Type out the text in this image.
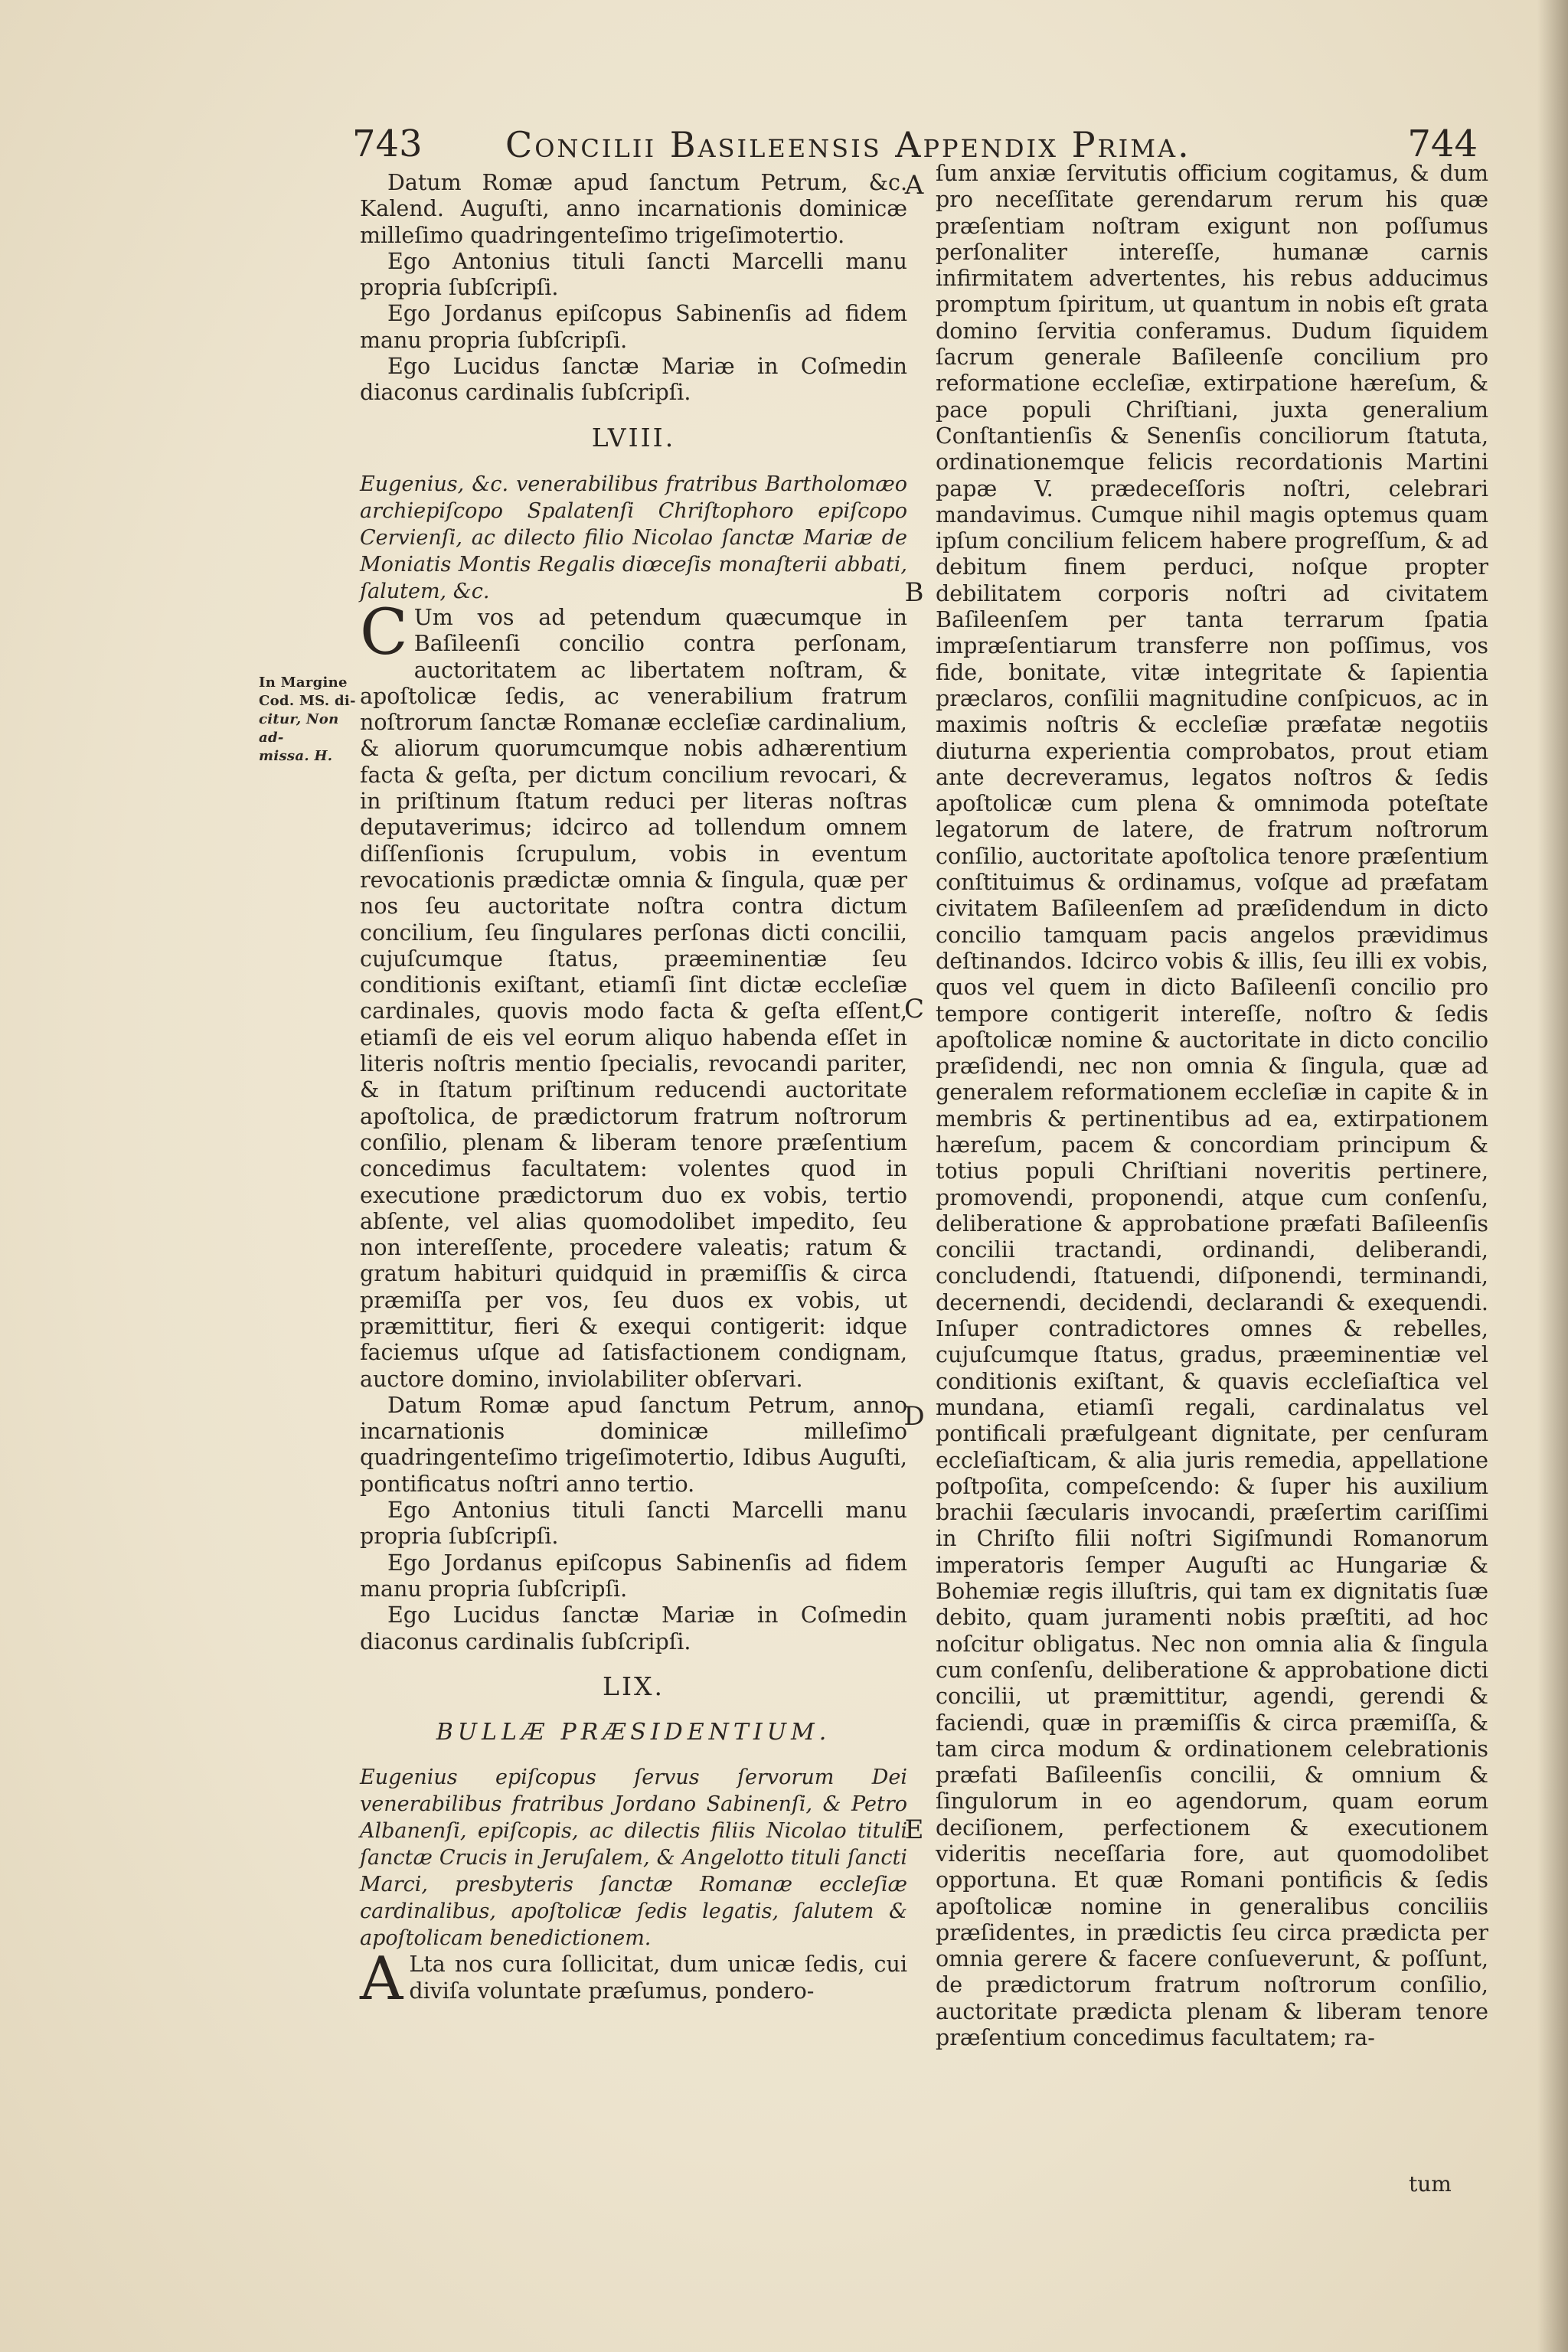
743 Concilii Basileensis Appendix Prima.	744
In Margine
Cod. MS. di-
citur, Non ad-
missa. H.
A
B
C
D
E

Datum Romæ apud ſanctum Petrum, &c. Kalend. Auguſti, anno incarnationis dominicæ milleſimo quadringenteſimo trigeſimotertio.

Ego Antonius tituli ſancti Marcelli manu propria ſubſcripſi.

Ego Jordanus epiſcopus Sabinenſis ad fidem manu propria ſubſcripſi.

Ego Lucidus ſanctæ Mariæ in Coſmedin diaconus cardinalis ſubſcripſi.

LVIII.

Eugenius, &c. venerabilibus fratribus Bartholomæo archiepiſcopo Spalatenſi Chriſtophoro epiſcopo Cervienſi, ac dilecto filio Nicolao ſanctæ Mariæ de Moniatis Montis Regalis diœceſis monaſterii abbati, ſalutem, &c.

C Um vos ad petendum quæcumque in Baſileenſi concilio contra perſonam, auctoritatem ac libertatem noſtram, & apoſtolicæ ſedis, ac venerabilium fratrum noſtrorum ſanctæ Romanæ eccleſiæ cardinalium, & aliorum quorumcumque nobis adhærentium facta & geſta, per dictum concilium revocari, & in priſtinum ſtatum reduci per literas noſtras deputaverimus; idcirco ad tollendum omnem diſſenſionis ſcrupulum, vobis in eventum revocationis prædictæ omnia & ſingula, quæ per nos ſeu auctoritate noſtra contra dictum concilium, ſeu ſingulares perſonas dicti concilii, cujuſcumque ſtatus, præeminentiæ ſeu conditionis exiſtant, etiamſi ſint dictæ eccleſiæ cardinales, quovis modo facta & geſta eſſent, etiamſi de eis vel eorum aliquo habenda eſſet in literis noſtris mentio ſpecialis, revocandi pariter, & in ſtatum priſtinum reducendi auctoritate apoſtolica, de prædictorum fratrum noſtrorum conſilio, plenam & liberam tenore præſentium concedimus facultatem: volentes quod in executione prædictorum duo ex vobis, tertio abſente, vel alias quomodolibet impedito, ſeu non intereſſente, procedere valeatis; ratum & gratum habituri quidquid in præmiſſis & circa præmiſſa per vos, ſeu duos ex vobis, ut præmittitur, fieri & exequi contigerit: idque faciemus uſque ad ſatisfactionem condignam, auctore domino, inviolabiliter obſervari.

Datum Romæ apud ſanctum Petrum, anno incarnationis dominicæ milleſimo quadringenteſimo trigeſimotertio, Idibus Auguſti, pontificatus noſtri anno tertio.

Ego Antonius tituli ſancti Marcelli manu propria ſubſcripſi.

Ego Jordanus epiſcopus Sabinenſis ad fidem manu propria ſubſcripſi.

Ego Lucidus ſanctæ Mariæ in Coſmedin diaconus cardinalis ſubſcripſi.

LIX.
BULLÆ PRÆSIDENTIUM.

Eugenius epiſcopus ſervus ſervorum Dei venerabilibus fratribus Jordano Sabinenſi, & Petro Albanenſi, epiſcopis, ac dilectis filiis Nicolao tituli ſanctæ Crucis in Jeruſalem, & Angelotto tituli ſancti Marci, presbyteris ſanctæ Romanæ eccleſiæ cardinalibus, apoſtolicæ ſedis legatis, ſalutem & apoſtolicam benedictionem.

A Lta nos cura ſollicitat, dum unicæ ſedis, cui diviſa voluntate præſumus, pondero-

ſum anxiæ ſervitutis officium cogitamus, & dum pro neceſſitate gerendarum rerum his quæ præſentiam noſtram exigunt non poſſumus perſonaliter intereſſe, humanæ carnis infirmitatem advertentes, his rebus adducimus promptum ſpiritum, ut quantum in nobis eſt grata domino ſervitia conferamus. Dudum ſiquidem ſacrum generale Baſileenſe concilium pro reformatione eccleſiæ, extirpatione hæreſum, & pace populi Chriſtiani, juxta generalium Conſtantienſis & Senenſis conciliorum ſtatuta, ordinationemque felicis recordationis Martini papæ V. prædeceſſoris noſtri, celebrari mandavimus. Cumque nihil magis optemus quam ipſum concilium felicem habere progreſſum, & ad debitum finem perduci, noſque propter debilitatem corporis noſtri ad civitatem Baſileenſem per tanta terrarum ſpatia impræſentiarum transferre non poſſimus, vos fide, bonitate, vitæ integritate & ſapientia præclaros, conſilii magnitudine conſpicuos, ac in maximis noſtris & eccleſiæ præfatæ negotiis diuturna experientia comprobatos, prout etiam ante decreveramus, legatos noſtros & ſedis apoſtolicæ cum plena & omnimoda poteſtate legatorum de latere, de fratrum noſtrorum conſilio, auctoritate apoſtolica tenore præſentium conſtituimus & ordinamus, voſque ad præfatam civitatem Baſileenſem ad præſidendum in dicto concilio tamquam pacis angelos prævidimus deſtinandos. Idcirco vobis & illis, ſeu illi ex vobis, quos vel quem in dicto Baſileenſi concilio pro tempore contigerit intereſſe, noſtro & ſedis apoſtolicæ nomine & auctoritate in dicto concilio præſidendi, nec non omnia & ſingula, quæ ad generalem reformationem eccleſiæ in capite & in membris & pertinentibus ad ea, extirpationem hæreſum, pacem & concordiam principum & totius populi Chriſtiani noveritis pertinere, promovendi, proponendi, atque cum conſenſu, deliberatione & approbatione præfati Baſileenſis concilii tractandi, ordinandi, deliberandi, concludendi, ſtatuendi, diſponendi, terminandi, decernendi, decidendi, declarandi & exequendi. Inſuper contradictores omnes & rebelles, cujuſcumque ſtatus, gradus, præeminentiæ vel conditionis exiſtant, & quavis eccleſiaſtica vel mundana, etiamſi regali, cardinalatus vel pontificali præfulgeant dignitate, per cenſuram eccleſiaſticam, & alia juris remedia, appellatione poſtpoſita, compeſcendo: & ſuper his auxilium brachii ſæcularis invocandi, præſertim cariſſimi in Chriſto filii noſtri Sigiſmundi Romanorum imperatoris ſemper Auguſti ac Hungariæ & Bohemiæ regis illuſtris, qui tam ex dignitatis ſuæ debito, quam juramenti nobis præſtiti, ad hoc noſcitur obligatus. Nec non omnia alia & ſingula cum conſenſu, deliberatione & approbatione dicti concilii, ut præmittitur, agendi, gerendi & faciendi, quæ in præmiſſis & circa præmiſſa, & tam circa modum & ordinationem celebrationis præfati Baſileenſis concilii, & omnium & ſingulorum in eo agendorum, quam eorum deciſionem, perfectionem & executionem videritis neceſſaria fore, aut quomodolibet opportuna. Et quæ Romani pontificis & ſedis apoſtolicæ nomine in generalibus conciliis præſidentes, in prædictis ſeu circa prædicta per omnia gerere & facere conſueverunt, & poſſunt, de prædictorum fratrum noſtrorum conſilio, auctoritate prædicta plenam & liberam tenore præſentium concedimus facultatem; ra-

tum
